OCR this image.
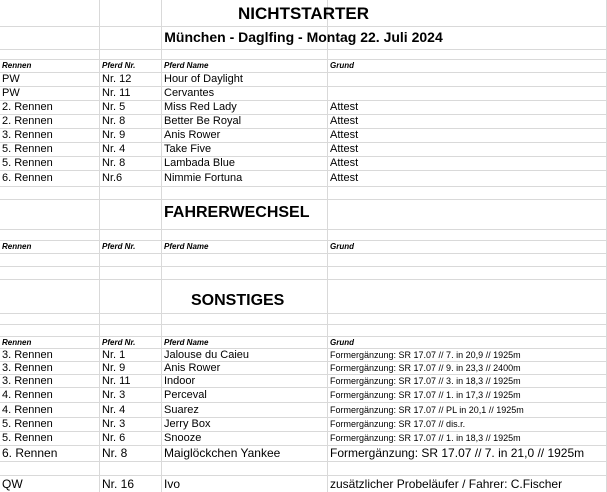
NICHTSTARTER
München - Daglfing - Montag 22. Juli 2024
Rennen	Pferd Nr.	Pferd Name	Grund
PW	Nr. 12	Hour of Daylight
PW	Nr. 11	Cervantes
2. Rennen	Nr. 5	Miss Red Lady	Attest
2. Rennen	Nr. 8	Better Be Royal	Attest
3. Rennen	Nr. 9	Anis Rower	Attest
5. Rennen	Nr. 4	Take Five	Attest
5. Rennen	Nr. 8	Lambada Blue	Attest
6. Rennen	Nr.6	Nimmie Fortuna	Attest
FAHRERWECHSEL
Rennen	Pferd Nr.	Pferd Name	Grund
SONSTIGES
Rennen	Pferd Nr.	Pferd Name	Grund
3. Rennen	Nr. 1	Jalouse du Caieu	Formergänzung: SR 17.07 // 7. in 20,9 // 1925m
3. Rennen	Nr. 9	Anis Rower	Formergänzung: SR 17.07 // 9. in 23,3 // 2400m
3. Rennen	Nr. 11	Indoor	Formergänzung: SR 17.07 // 3. in 18,3 // 1925m
4. Rennen	Nr. 3	Perceval	Formergänzung: SR 17.07 // 1. in 17,3 // 1925m
4. Rennen	Nr. 4	Suarez	Formergänzung: SR 17.07 // PL in 20,1 // 1925m
5. Rennen	Nr. 3	Jerry Box	Formergänzung: SR 17.07 // dis.r.
5. Rennen	Nr. 6	Snooze	Formergänzung: SR 17.07 // 1. in 18,3 // 1925m
6. Rennen	Nr. 8	Maiglöckchen Yankee	Formergänzung: SR 17.07 // 7. in 21,0 // 1925m
QW	Nr. 16	Ivo	zusätzlicher Probeläufer / Fahrer: C.Fischer
